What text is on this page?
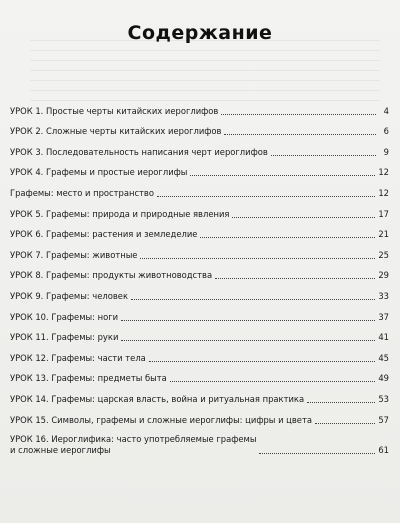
Содержание
УРОК 1. Простые черты китайских иероглифов	4
УРОК 2. Сложные черты китайских иероглифов	6
УРОК 3. Последовательность написания черт иероглифов	9
УРОК 4. Графемы и простые иероглифы	12
Графемы: место и пространство	12
УРОК 5. Графемы: природа и природные явления	17
УРОК 6. Графемы: растения и земледелие	21
УРОК 7. Графемы: животные	25
УРОК 8. Графемы: продукты животноводства	29
УРОК 9. Графемы: человек	33
УРОК 10. Графемы: ноги	37
УРОК 11. Графемы: руки	41
УРОК 12. Графемы: части тела	45
УРОК 13. Графемы: предметы быта	49
УРОК 14. Графемы: царская власть, война и ритуальная практика	53
УРОК 15. Символы, графемы и сложные иероглифы: цифры и цвета	57
УРОК 16. Иероглифика: часто употребляемые графемы
и сложные иероглифы	61
